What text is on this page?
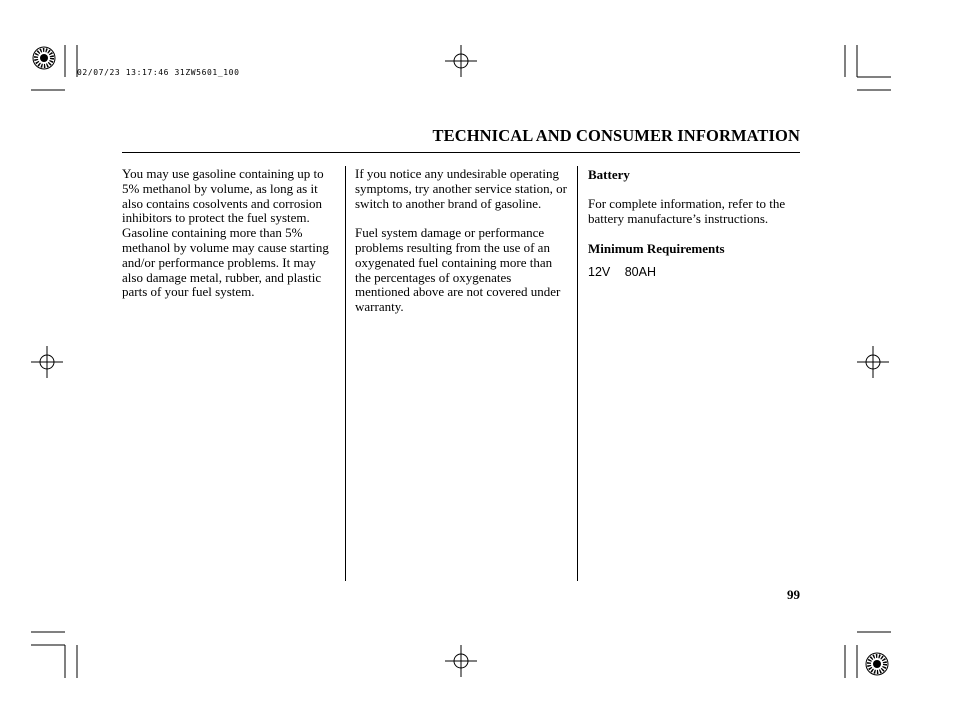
02/07/23 13:17:46 31ZW5601_100
TECHNICAL AND CONSUMER INFORMATION

You may use gasoline containing up to 5% methanol by volume, as long as it also contains cosolvents and corrosion inhibitors to protect the fuel system. Gasoline containing more than 5% methanol by volume may cause starting and/or performance problems. It may also damage metal, rubber, and plastic parts of your fuel system.

If you notice any undesirable operating symptoms, try another service station, or switch to another brand of gasoline.

Fuel system damage or performance problems resulting from the use of an oxygenated fuel containing more than the percentages of oxygenates mentioned above are not covered under warranty.

Battery

For complete information, refer to the battery manufacture’s instructions.

Minimum Requirements
12V 80AH
99
